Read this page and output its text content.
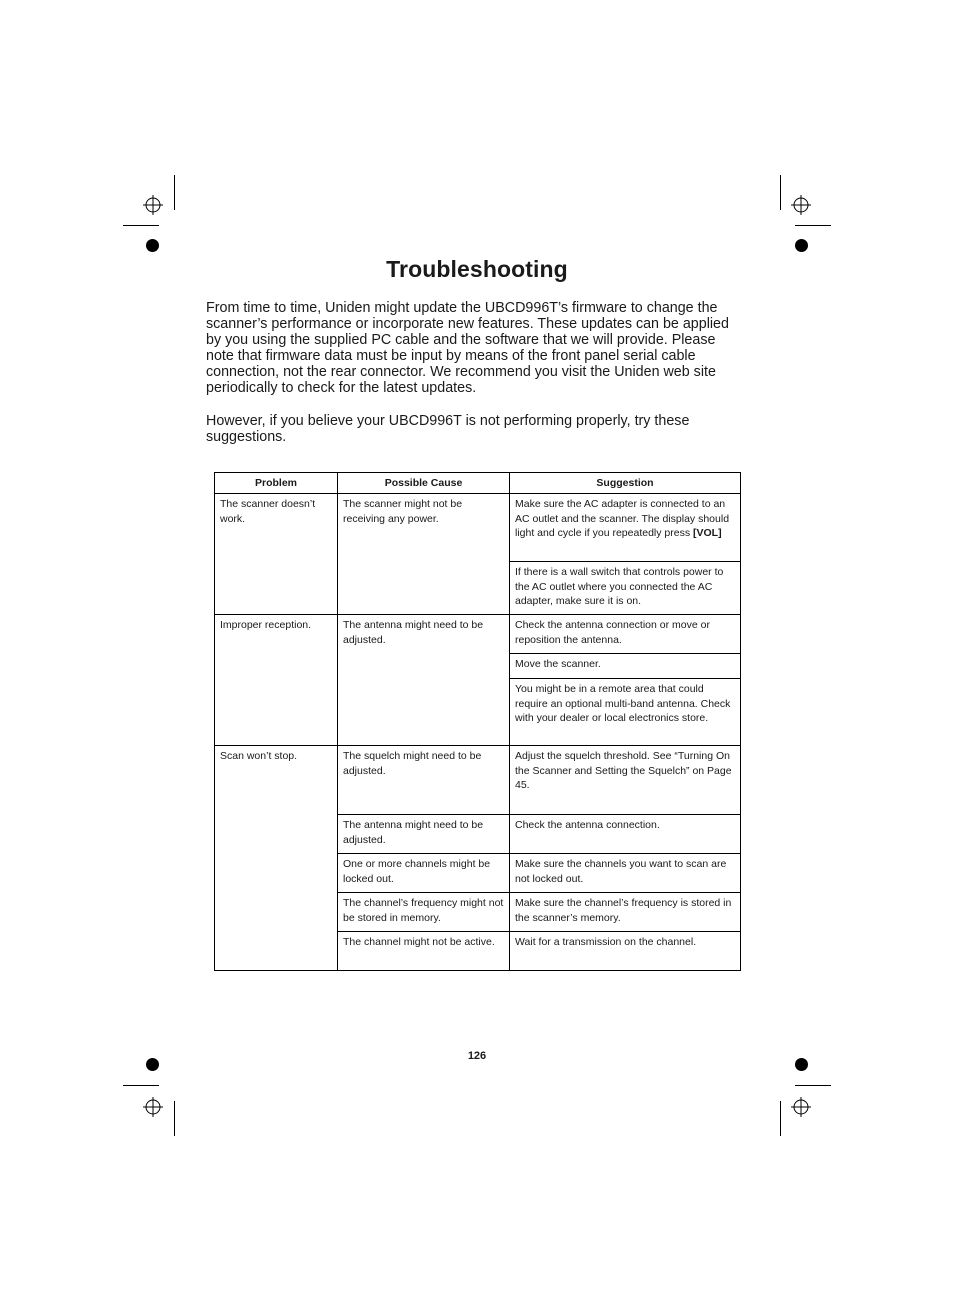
Troubleshooting

From time to time, Uniden might update the UBCD996T’s firmware to change the scanner’s performance or incorporate new features. These updates can be applied by you using the supplied PC cable and the software that we will provide. Please note that firmware data must be input by means of the front panel serial cable connection, not the rear connector. We recommend you visit the Uniden web site periodically to check for the latest updates.

However, if you believe your UBCD996T is not performing properly, try these suggestions.

Problem	Possible Cause	Suggestion
The scanner doesn’t work.	The scanner might not be receiving any power.	Make sure the AC adapter is connected to an AC outlet and the scanner. The display should light and cycle if you repeatedly press [VOL]
		If there is a wall switch that controls power to the AC outlet where you connected the AC adapter, make sure it is on.
Improper reception.	The antenna might need to be adjusted.	Check the antenna connection or move or reposition the antenna.
		Move the scanner.
		You might be in a remote area that could require an optional multi-band antenna. Check with your dealer or local electronics store.
Scan won’t stop.	The squelch might need to be adjusted.	Adjust the squelch threshold. See “Turning On the Scanner and Setting the Squelch” on Page 45.
	The antenna might need to be adjusted.	Check the antenna connection.
	One or more channels might be locked out.	Make sure the channels you want to scan are not locked out.
	The channel’s frequency might not be stored in memory.	Make sure the channel’s frequency is stored in the scanner’s memory.
	The channel might not be active.	Wait for a transmission on the channel.
126
